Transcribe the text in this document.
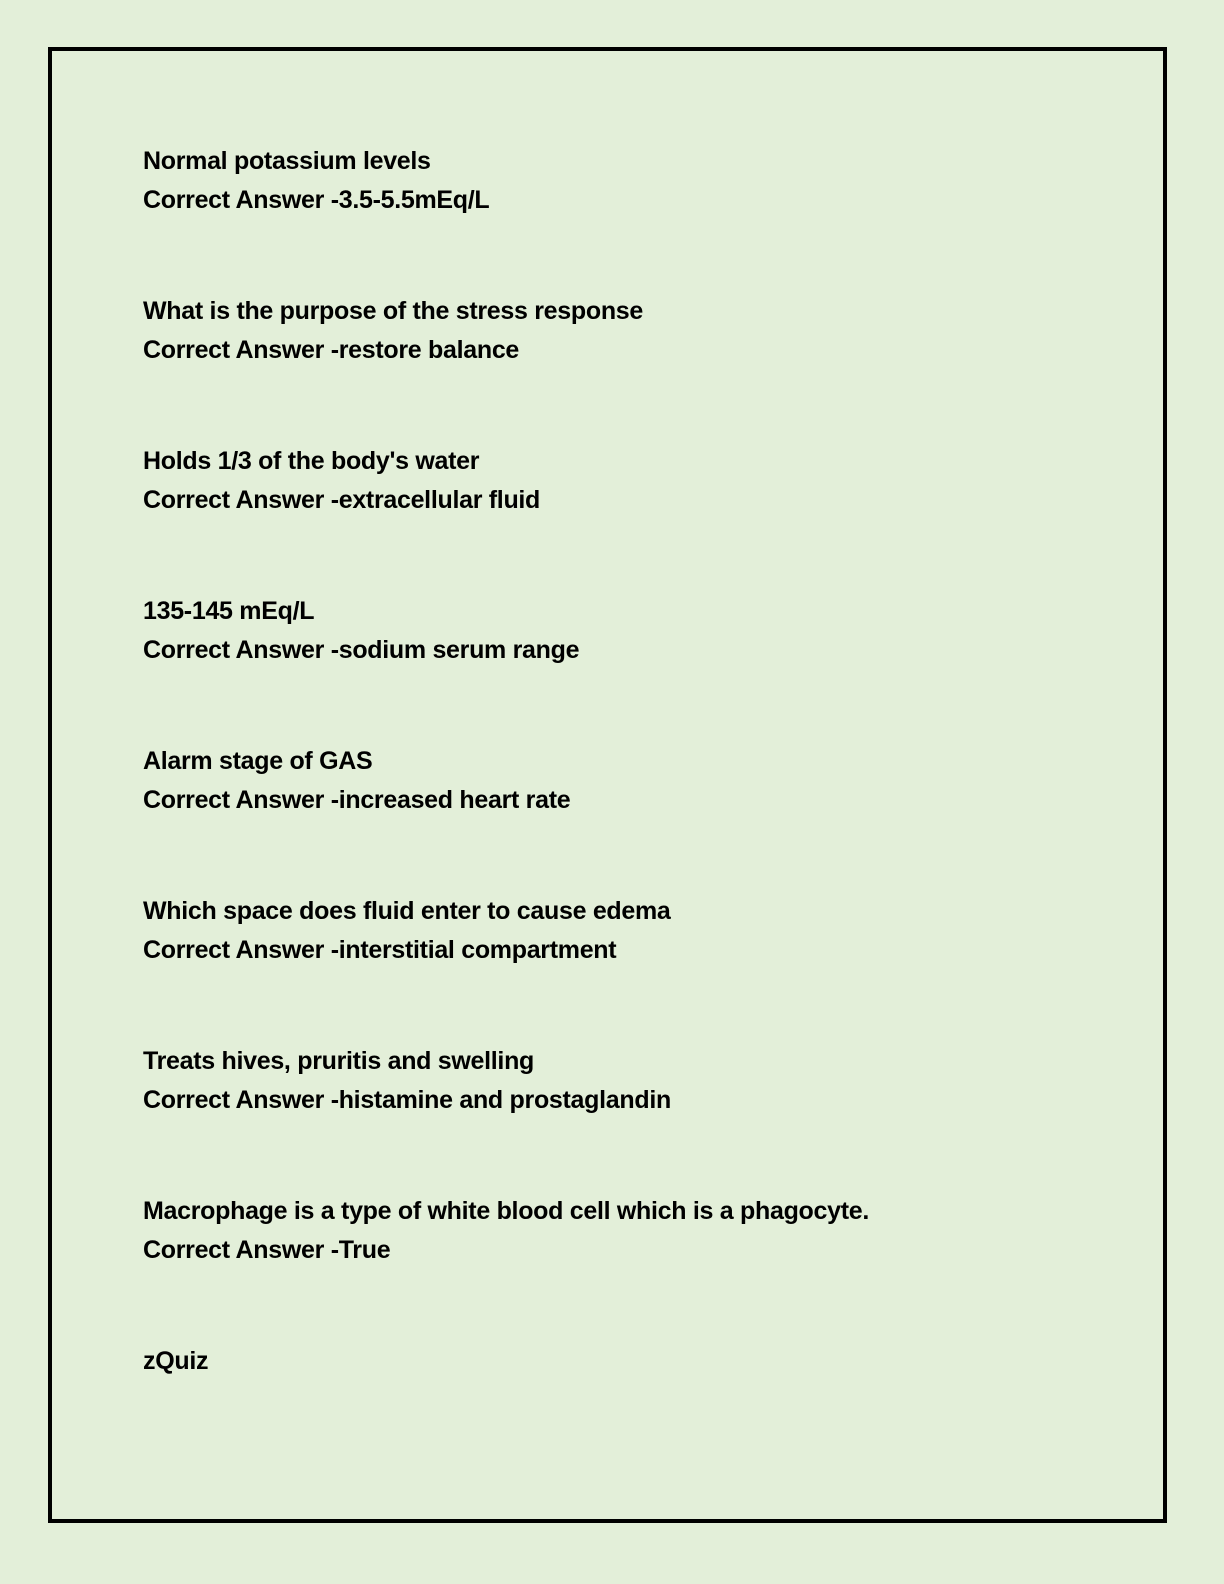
Normal potassium levels
Correct Answer -3.5-5.5mEq/L
What is the purpose of the stress response
Correct Answer -restore balance
Holds 1/3 of the body's water
Correct Answer -extracellular fluid
135-145 mEq/L
Correct Answer -sodium serum range
Alarm stage of GAS
Correct Answer -increased heart rate
Which space does fluid enter to cause edema
Correct Answer -interstitial compartment
Treats hives, pruritis and swelling
Correct Answer -histamine and prostaglandin
Macrophage is a type of white blood cell which is a phagocyte.
Correct Answer -True
zQuiz
